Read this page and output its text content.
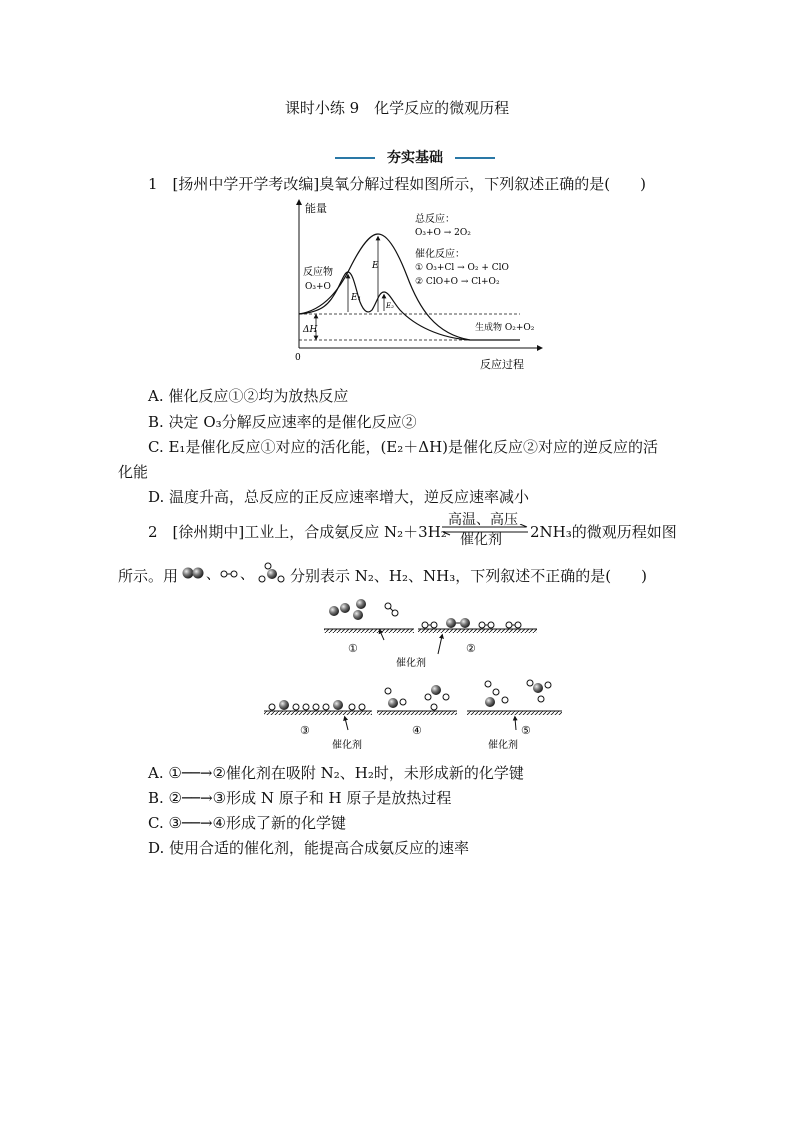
课时小练 9　化学反应的微观历程
夯实基础
1　[扬州中学开学考改编]臭氧分解过程如图所示，下列叙述正确的是(　　)
能量
反应过程
0
总反应：
O₃+O → 2O₂
催化反应：
① O₃+Cl → O₂ + ClO
② ClO+O → Cl+O₂
反应物
O₃+O
生成物 O₂+O₂
E
E₁
E₂
ΔH
A. 催化反应①②均为放热反应
B. 决定 O₃分解反应速率的是催化反应②
C. E₁是催化反应①对应的活化能，(E₂＋ΔH)是催化反应②对应的逆反应的活
化能
D. 温度升高，总反应的正反应速率增大，逆反应速率减小
2　[徐州期中]工业上，合成氨反应 N₂＋3H₂
高温、高压
催化剂 2NH₃的微观历程如图
所示。用 、 、 分别表示 N₂、H₂、NH₃，下列叙述不正确的是(　　)
①
催化剂
②
③
催化剂
④	⑤
催化剂
A. ①──→②催化剂在吸附 N₂、H₂时，未形成新的化学键
B. ②──→③形成 N 原子和 H 原子是放热过程
C. ③──→④形成了新的化学键
D. 使用合适的催化剂，能提高合成氨反应的速率
